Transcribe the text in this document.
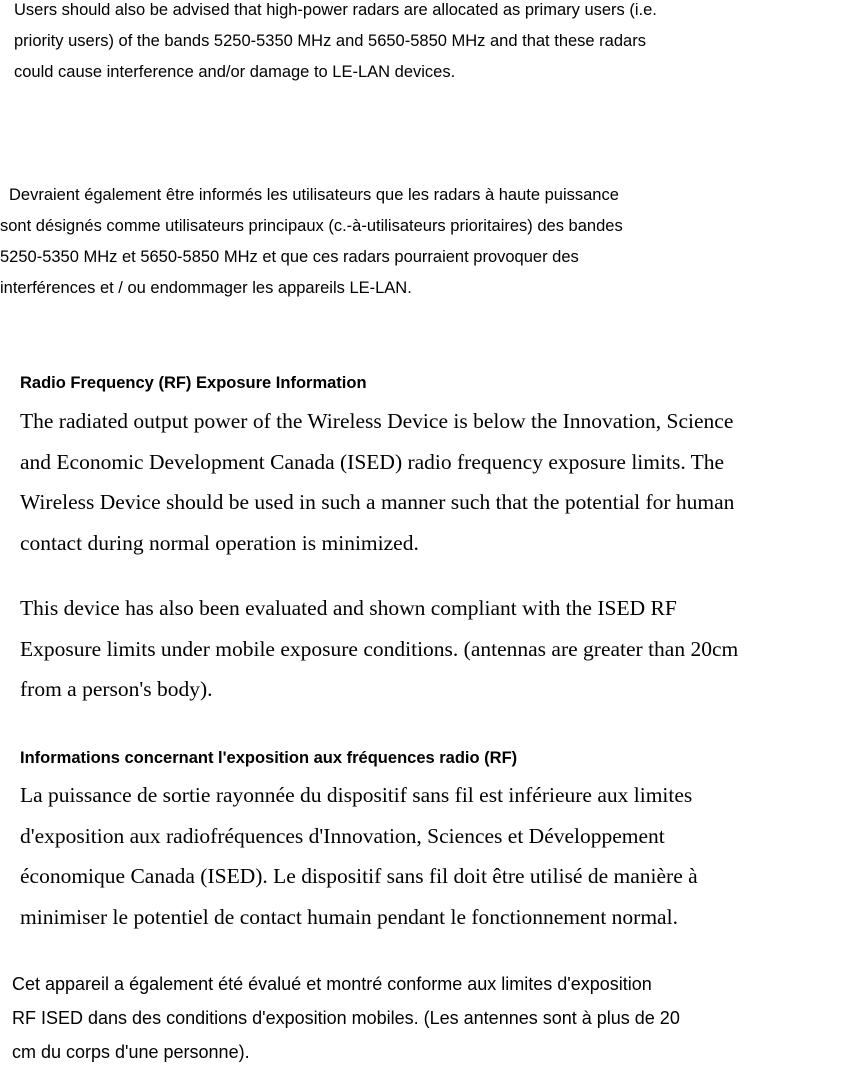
Users should also be advised that high-power radars are allocated as primary users (i.e.
priority users) of the bands 5250-5350 MHz and 5650-5850 MHz and that these radars
could cause interference and/or damage to LE-LAN devices.
Devraient également être informés les utilisateurs que les radars à haute puissance
sont désignés comme utilisateurs principaux (c.-à-utilisateurs prioritaires) des bandes
5250-5350 MHz et 5650-5850 MHz et que ces radars pourraient provoquer des
interférences et / ou endommager les appareils LE-LAN.
Radio Frequency (RF) Exposure Information
The radiated output power of the Wireless Device is below the Innovation, Science
and Economic Development Canada (ISED) radio frequency exposure limits. The
Wireless Device should be used in such a manner such that the potential for human
contact during normal operation is minimized.
This device has also been evaluated and shown compliant with the ISED RF
Exposure limits under mobile exposure conditions. (antennas are greater than 20cm
from a person's body).
Informations concernant l'exposition aux fréquences radio (RF)
La puissance de sortie rayonnée du dispositif sans fil est inférieure aux limites
d'exposition aux radiofréquences d'Innovation, Sciences et Développement
économique Canada (ISED). Le dispositif sans fil doit être utilisé de manière à
minimiser le potentiel de contact humain pendant le fonctionnement normal.
Cet appareil a également été évalué et montré conforme aux limites d'exposition
RF ISED dans des conditions d'exposition mobiles. (Les antennes sont à plus de 20
cm du corps d'une personne).
